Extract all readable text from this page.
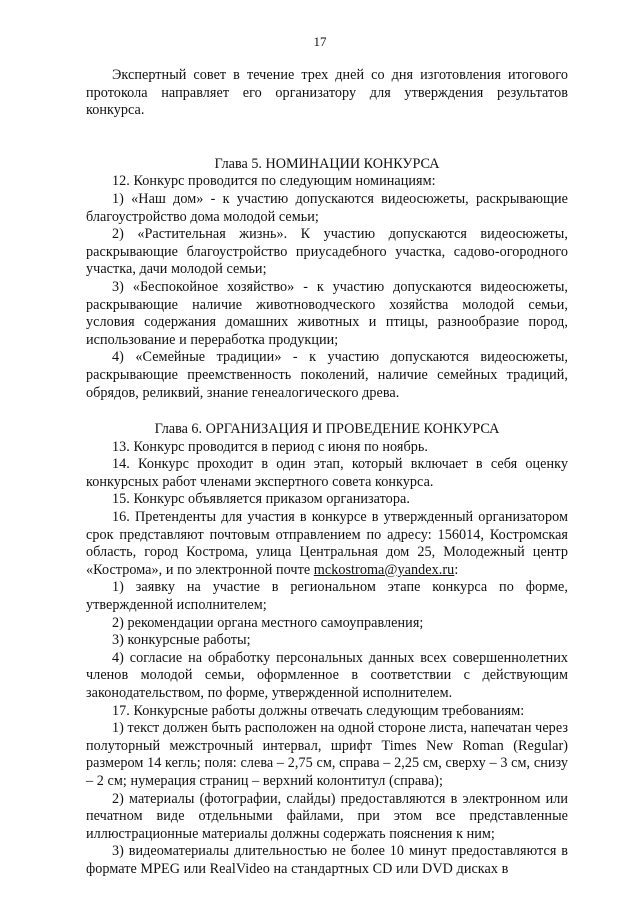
17

Экспертный совет в течение трех дней со дня изготовления итогового протокола направляет его организатору для утверждения результатов конкурса.

Глава 5. НОМИНАЦИИ КОНКУРСА

12. Конкурс проводится по следующим номинациям:

1) «Наш дом» - к участию допускаются видеосюжеты, раскрывающие благоустройство дома молодой семьи;

2) «Растительная жизнь». К участию допускаются видеосюжеты, раскрывающие благоустройство приусадебного участка, садово-огородного участка, дачи молодой семьи;

3) «Беспокойное хозяйство» - к участию допускаются видеосюжеты, раскрывающие наличие животноводческого хозяйства молодой семьи, условия содержания домашних животных и птицы, разнообразие пород, использование и переработка продукции;

4) «Семейные традиции» - к участию допускаются видеосюжеты, раскрывающие преемственность поколений, наличие семейных традиций, обрядов, реликвий, знание генеалогического древа.

Глава 6. ОРГАНИЗАЦИЯ И ПРОВЕДЕНИЕ КОНКУРСА

13. Конкурс проводится в период с июня по ноябрь.

14. Конкурс проходит в один этап, который включает в себя оценку конкурсных работ членами экспертного совета конкурса.

15. Конкурс объявляется приказом организатора.

16. Претенденты для участия в конкурсе в утвержденный организатором срок представляют почтовым отправлением по адресу: 156014, Костромская область, город Кострома, улица Центральная дом 25, Молодежный центр «Кострома», и по электронной почте mckostroma@yandex.ru:

1) заявку на участие в региональном этапе конкурса по форме, утвержденной исполнителем;

2) рекомендации органа местного самоуправления;

3) конкурсные работы;

4) согласие на обработку персональных данных всех совершеннолетних членов молодой семьи, оформленное в соответствии с действующим законодательством, по форме, утвержденной исполнителем.

17. Конкурсные работы должны отвечать следующим требованиям:

1) текст должен быть расположен на одной стороне листа, напечатан через полуторный межстрочный интервал, шрифт Times New Roman (Regular) размером 14 кегль; поля: слева – 2,75 см, справа – 2,25 см, сверху – 3 см, снизу – 2 см; нумерация страниц – верхний колонтитул (справа);

2) материалы (фотографии, слайды) предоставляются в электронном или печатном виде отдельными файлами, при этом все представленные иллюстрационные материалы должны содержать пояснения к ним;

3) видеоматериалы длительностью не более 10 минут предоставляются в формате MPEG или RealVideo на стандартных CD или DVD дисках в
